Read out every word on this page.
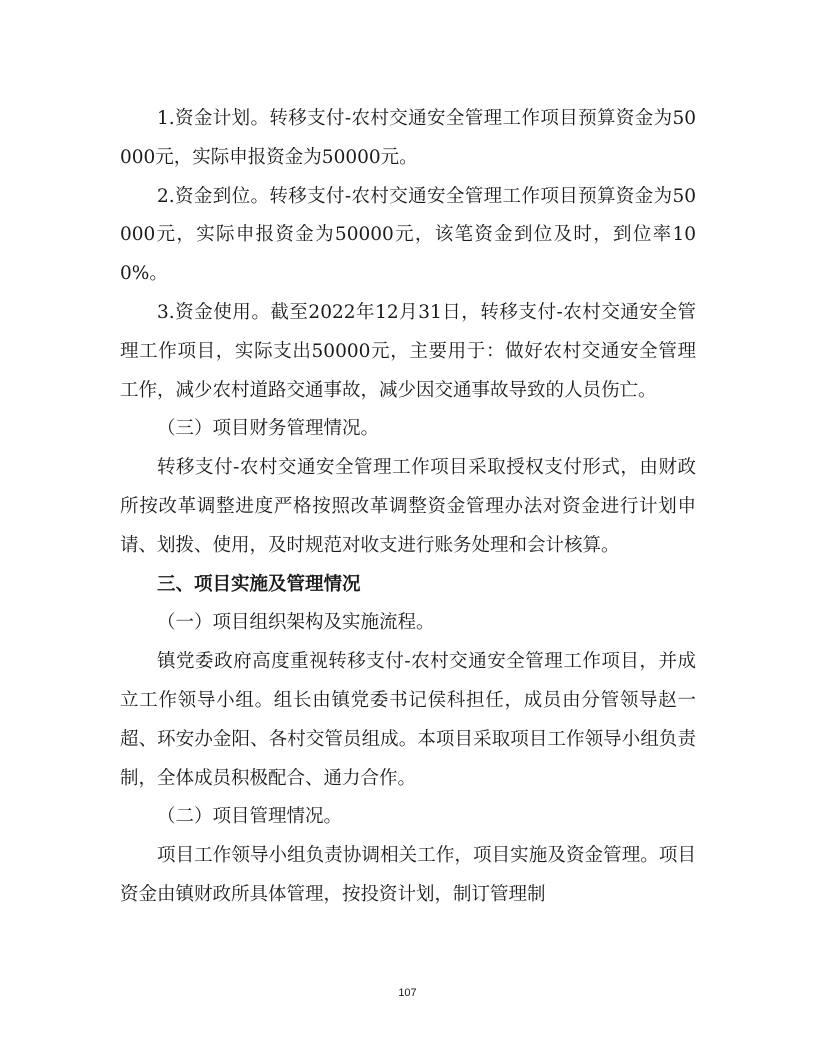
1.资金计划。转移支付-农村交通安全管理工作项目预算资金为50000元，实际申报资金为50000元。

2.资金到位。转移支付-农村交通安全管理工作项目预算资金为50000元，实际申报资金为50000元，该笔资金到位及时，到位率100%。

3.资金使用。截至2022年12月31日，转移支付-农村交通安全管理工作项目，实际支出50000元，主要用于：做好农村交通安全管理工作，减少农村道路交通事故，减少因交通事故导致的人员伤亡。

（三）项目财务管理情况。

转移支付-农村交通安全管理工作项目采取授权支付形式，由财政所按改革调整进度严格按照改革调整资金管理办法对资金进行计划申请、划拨、使用，及时规范对收支进行账务处理和会计核算。

三、项目实施及管理情况

（一）项目组织架构及实施流程。

镇党委政府高度重视转移支付-农村交通安全管理工作项目，并成立工作领导小组。组长由镇党委书记侯科担任，成员由分管领导赵一超、环安办金阳、各村交管员组成。本项目采取项目工作领导小组负责制，全体成员积极配合、通力合作。

（二）项目管理情况。

项目工作领导小组负责协调相关工作，项目实施及资金管理。项目资金由镇财政所具体管理，按投资计划，制订管理制

107
